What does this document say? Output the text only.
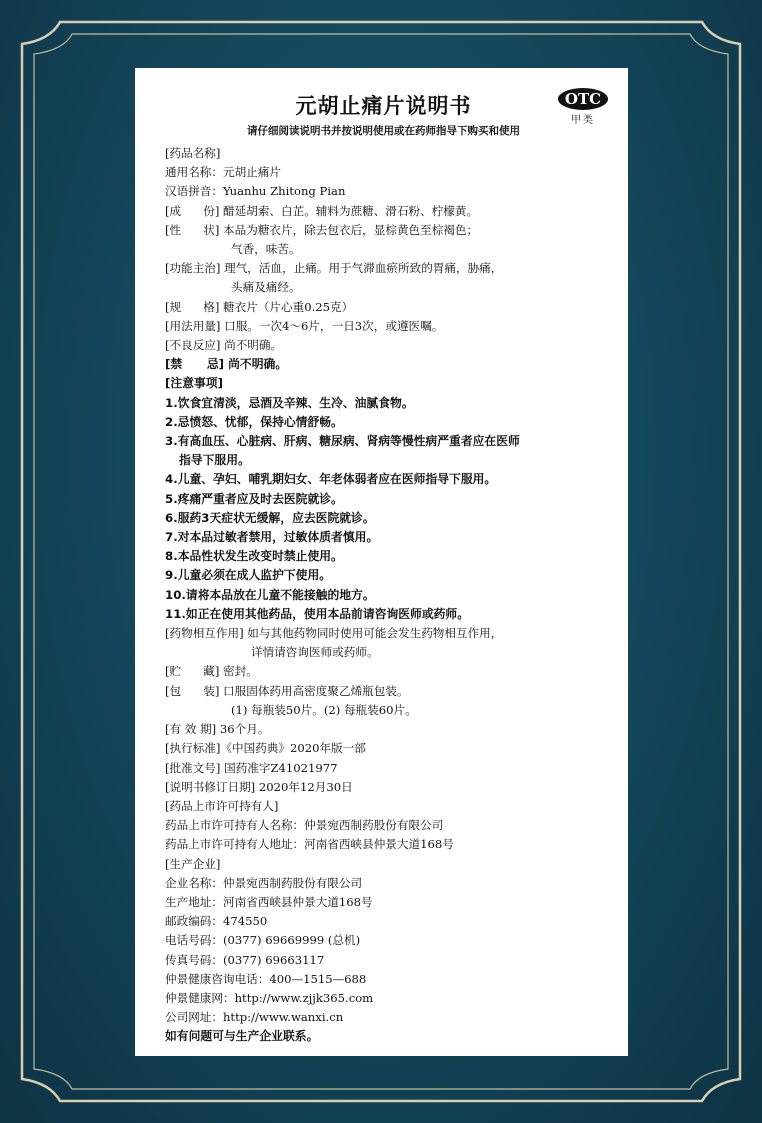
OTC
甲类
元胡止痛片说明书
请仔细阅读说明书并按说明使用或在药师指导下购买和使用
[药品名称]
通用名称：元胡止痛片
汉语拼音：Yuanhu Zhitong Pian
[成      份] 醋延胡索、白芷。辅料为蔗糖、滑石粉、柠檬黄。
[性      状] 本品为糖衣片，除去包衣后，显棕黄色至棕褐色；
气香，味苦。
[功能主治] 理气，活血，止痛。用于气滞血瘀所致的胃痛，胁痛，
头痛及痛经。
[规      格] 糖衣片（片心重0.25克）
[用法用量] 口服。一次4～6片，一日3次，或遵医嘱。
[不良反应] 尚不明确。
[禁      忌] 尚不明确。
[注意事项]
1.饮食宜清淡，忌酒及辛辣、生冷、油腻食物。
2.忌愤怒、忧郁，保持心情舒畅。
3.有高血压、心脏病、肝病、糖尿病、肾病等慢性病严重者应在医师
指导下服用。
4.儿童、孕妇、哺乳期妇女、年老体弱者应在医师指导下服用。
5.疼痛严重者应及时去医院就诊。
6.服药3天症状无缓解，应去医院就诊。
7.对本品过敏者禁用，过敏体质者慎用。
8.本品性状发生改变时禁止使用。
9.儿童必须在成人监护下使用。
10.请将本品放在儿童不能接触的地方。
11.如正在使用其他药品，使用本品前请咨询医师或药师。
[药物相互作用] 如与其他药物同时使用可能会发生药物相互作用，
详情请咨询医师或药师。
[贮      藏] 密封。
[包      装] 口服固体药用高密度聚乙烯瓶包装。
(1) 每瓶装50片。(2) 每瓶装60片。
[有 效 期] 36个月。
[执行标准]《中国药典》2020年版一部
[批准文号] 国药准字Z41021977
[说明书修订日期] 2020年12月30日
[药品上市许可持有人]
药品上市许可持有人名称：仲景宛西制药股份有限公司
药品上市许可持有人地址：河南省西峡县仲景大道168号
[生产企业]
企业名称：仲景宛西制药股份有限公司
生产地址：河南省西峡县仲景大道168号
邮政编码：474550
电话号码：(0377) 69669999 (总机)
传真号码：(0377) 69663117
仲景健康咨询电话：400—1515—688
仲景健康网：http://www.zjjk365.com
公司网址：http://www.wanxi.cn
如有问题可与生产企业联系。
